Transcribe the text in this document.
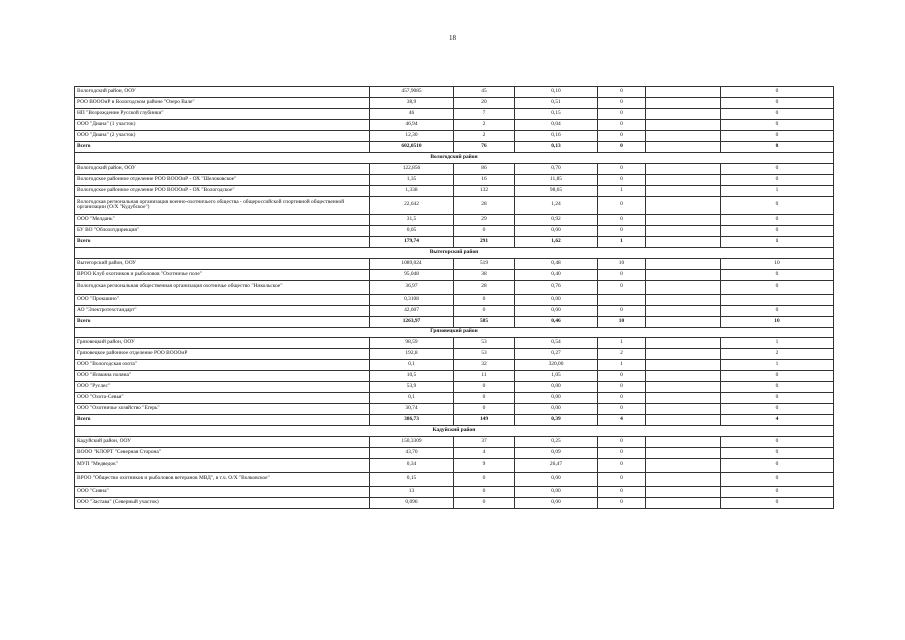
18
Вологодский район, ООУ	457,9085	45	0,10	0		0
РОО ВОООиР в Вологодском районе "Озеро Вале"	38,9	20	0,51	0		0
НП "Возрождение Русской глубинки"	46	7	0,15	0		0
ООО "Диана" (1 участок)	46,94	2	0,04	0		0
ООО "Диана" (2 участок)	12,30	2	0,16	0		0
Всего	602,0510	76	0,13	0		0
Вологодский район						
Вологодский район, ООУ	122,856	86	0,70	0		0
Вологодское районное отделение РОО ВОООиР - ОХ "Шелоковское"	1,35	16	11,85	0		0
Вологодское районное отделение РОО ВОООиР - ОХ "Вологодское"	1,338	132	98,65	1		1
Вологодская региональная организация военно-охотничьего общества - общероссийской спортивной общественной организации (О/Х "Кудубское")	22,642	28	1,24	0		0
ООО "Мелдань"	31,5	29	0,92	0		0
БУ ВО "Облохотдирекция"	0,05	0	0,00	0		0
Всего	179,74	291	1,62	1		1
Вытегорский район						
Вытегорский район, ООУ	1089,024	519	0,48	10		10
ВРОО Клуб охотников и рыболовов "Охотничье поле"	95,048	38	0,40	0		0
Вологодская региональная общественная организация охотничье общество "Никольское"	36,97	28	0,76	0		0
ООО "Прокшино"	0,3108	0	0,00			
АО "Электротехстандарт"	42,607	0	0,00	0		0
Всего	1263,97	585	0,46	10		10
Грязовецкий район						
Грязовецкий район, ООУ	98,59	53	0,54	1		1
Грязовецкое районное отделение РОО ВОООиР	192,8	53	0,27	2		2
ООО "Вологодская охота"	0,1	32	320,00	1		1
ООО "Ясвкина поляна"	10,5	11	1,05	0		0
ООО "Руслес"	53,9	0	0,00	0		0
ООО "Охота-Севья"	0,1	0	0,00	0		0
ООО "Охотничье хозяйство "Егерь"	30,74	0	0,00	0		0
Всего	386,73	149	0,39	4		4
Кадуйский район						
Кадуйский район, ООУ	150,3309	37	0,25	0		0
ВООО "КЛОРТ "Северная Сторона"	43,70	4	0,09	0		0
МУП "Медведок"	0,34	9	26,47	0		0
ВРОО "Общество охотников и рыболовов ветеранов МВД", в т.ч. О/Х "Волковское"	0,15	0	0,00	0		0
ООО "Сияна"	13	0	0,00	0		0
ООО "Застава" (Северный участок)	0,096	0	0,00	0		0
